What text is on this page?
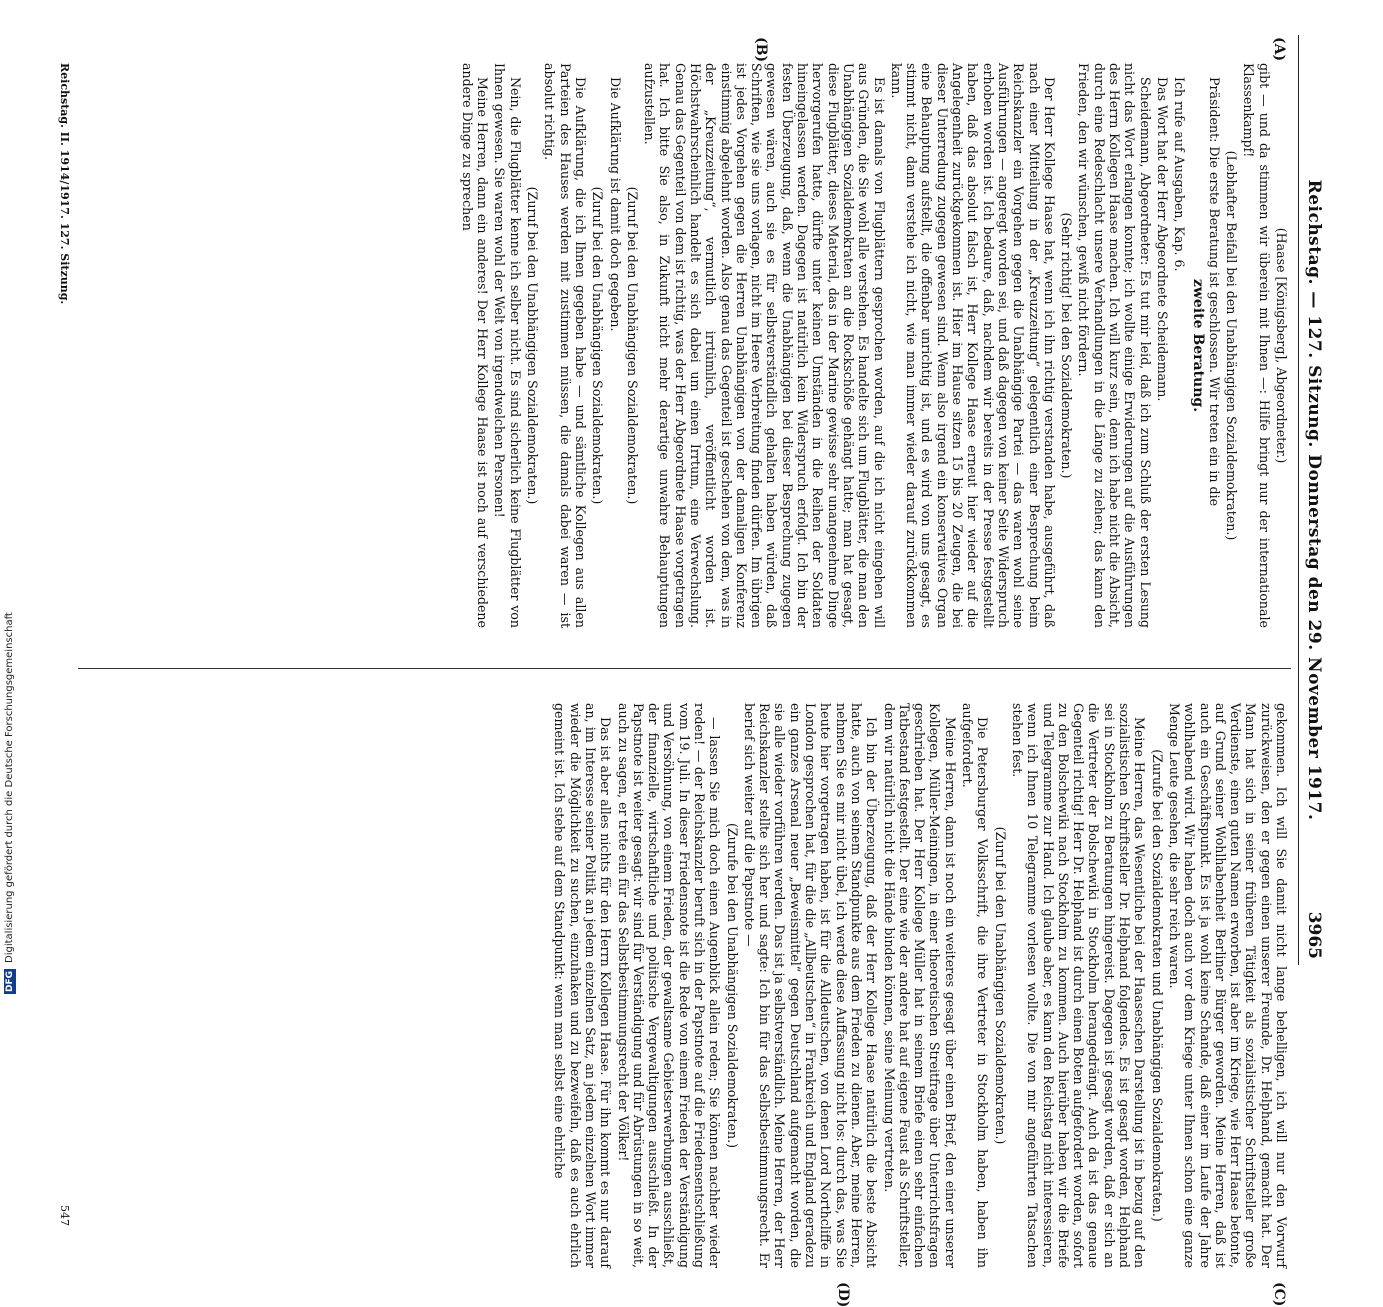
DFGDigitalisierung gefördert durch die Deutsche Forschungsgemeinschaft	Reichstag. — 127. Sitzung. Donnerstag den 29. November 1917.
3965
(A)
(B)
(C)
(D)

(Haase [Königsberg], Abgeordneter.)

gibt — und da stimmen wir überein mit Ihnen —: Hilfe bringt nur der internationale Klassenkampf!

(Lebhafter Beifall bei den Unabhängigen Sozialdemokraten.)

Präsident: Die erste Beratung ist geschlossen. Wir treten ein in die

zweite Beratung.

Ich rufe auf Ausgaben, Kap. 6.

Das Wort hat der Herr Abgeordnete Scheidemann.

Scheidemann, Abgeordneter: Es tut mir leid, daß ich zum Schluß der ersten Lesung nicht das Wort erlangen konnte; ich wollte einige Erwiderungen auf die Ausführungen des Herrn Kollegen Haase machen. Ich will kurz sein, denn ich habe nicht die Absicht, durch eine Redeschlacht unsere Verhandlungen in die Länge zu ziehen; das kann den Frieden, den wir wünschen, gewiß nicht fördern.

(Sehr richtig! bei den Sozialdemokraten.)

Der Herr Kollege Haase hat, wenn ich ihn richtig verstanden habe, ausgeführt, daß nach einer Mitteilung in der „Kreuzzeitung“ gelegentlich einer Besprechung beim Reichskanzler ein Vorgehen gegen die Unabhängige Partei — das waren wohl seine Ausführungen — angeregt worden sei, und daß dagegen von keiner Seite Widerspruch erhoben worden ist. Ich bedaure, daß, nachdem wir bereits in der Presse festgestellt haben, daß das absolut falsch ist, Herr Kollege Haase erneut hier wieder auf die Angelegenheit zurückgekommen ist. Hier im Hause sitzen 15 bis 20 Zeugen, die bei dieser Unterredung zugegen gewesen sind. Wenn also irgend ein konservatives Organ eine Behauptung aufstellt, die offenbar unrichtig ist, und es wird von uns gesagt, es stimmt nicht, dann verstehe ich nicht, wie man immer wieder darauf zurückkommen kann.

Es ist damals von Flugblättern gesprochen worden, auf die ich nicht eingehen will aus Gründen, die Sie wohl alle verstehen. Es handelte sich um Flugblätter, die man den Unabhängigen Sozialdemokraten an die Rockschöße gehängt hatte; man hat gesagt, diese Flugblätter, dieses Material, das in der Marine gewisse sehr unangenehme Dinge hervorgerufen hatte, dürfte unter keinen Umständen in die Reihen der Soldaten hineingelassen werden. Dagegen ist natürlich kein Widerspruch erfolgt. Ich bin der festen Überzeugung, daß, wenn die Unabhängigen bei dieser Besprechung zugegen gewesen wären, auch sie es für selbstverständlich gehalten haben würden, daß Schriften, wie sie uns vorlagen, nicht im Heere Verbreitung finden dürfen. Im übrigen ist jedes Vorgehen gegen die Herren Unabhängigen von der damaligen Konferenz einstimmig abgelehnt worden. Also genau das Gegenteil ist geschehen von dem, was in der „Kreuzzeitung“, vermutlich irrtümlich, veröffentlicht worden ist. Höchstwahrscheinlich handelt es sich dabei um einen Irrtum, eine Verwechslung. Genau das Gegenteil von dem ist richtig, was der Herr Abgeordnete Haase vorgetragen hat. Ich bitte Sie also, in Zukunft nicht mehr derartige unwahre Behauptungen aufzustellen.

(Zuruf bei den Unabhängigen Sozialdemokraten.)

Die Aufklärung ist damit doch gegeben.

(Zuruf bei den Unabhängigen Sozialdemokraten.)

Die Aufklärung, die ich Ihnen gegeben habe — und sämtliche Kollegen aus allen Parteien des Hauses werden mit zustimmen müssen, die damals dabei waren — ist absolut richtig.

(Zuruf bei den Unabhängigen Sozialdemokraten.)

Nein, die Flugblätter kenne ich selber nicht. Es sind sicherlich keine Flugblätter von Ihnen gewesen. Sie waren wohl der Welt von irgendwelchen Personen!

Meine Herren, dann ein anderes! Der Herr Kollege Haase ist noch auf verschiedene andere Dinge zu sprechen

gekommen. Ich will Sie damit nicht lange behelligen, ich will nur den Vorwurf zurückweisen, den er gegen einen unserer Freunde, Dr. Helphand, gemacht hat. Der Mann hat sich in seiner früheren Tätigkeit als sozialistischer Schriftsteller große Verdienste, einen guten Namen erworben, ist aber im Kriege, wie Herr Haase betonte, auf Grund seiner Wohlhabenheit Berliner Bürger geworden. Meine Herren, daß ist auch ein Geschäftspunkt. Es ist ja wohl keine Schande, daß einer im Laufe der Jahre wohlhabend wird. Wir haben doch auch vor dem Kriege unter Ihnen schon eine ganze Menge Leute gesehen, die sehr reich waren.

(Zurufe bei den Sozialdemokraten und Unabhängigen Sozialdemokraten.)

Meine Herren, das Wesentliche bei der Haaseschen Darstellung ist in bezug auf den sozialistischen Schriftsteller Dr. Helphand folgendes. Es ist gesagt worden, Helphand sei in Stockholm zu Beratungen hingereist. Dagegen ist gesagt worden, daß er sich an die Vertreter der Bolschewiki in Stockholm herangedrängt. Auch da ist das genaue Gegenteil richtig! Herr Dr. Helphand ist durch einen Boten aufgefordert worden, sofort zu den Bolschewiki nach Stockholm zu kommen. Auch hierüber haben wir die Briefe und Telegramme zur Hand. Ich glaube aber, es kann den Reichstag nicht interessieren, wenn ich Ihnen 10 Telegramme vorlesen wollte. Die von mir angeführten Tatsachen stehen fest.

(Zuruf bei den Unabhängigen Sozialdemokraten.)

Die Petersburger Volksschrift, die ihre Vertreter in Stockholm haben, haben ihn aufgefordert.

Meine Herren, dann ist noch ein weiteres gesagt über einen Brief, den einer unserer Kollegen, Müller-Meiningen, in einer theoretischen Streitfrage über Unterrichtsfragen geschrieben hat. Der Herr Kollege Müller hat in seinem Briefe einen sehr einfachen Tatbestand festgestellt. Der eine wie der andere hat auf eigene Faust als Schriftsteller, dem wir natürlich nicht die Hände binden können, seine Meinung vertreten.

Ich bin der Überzeugung, daß der Herr Kollege Haase natürlich die beste Absicht hatte, auch von seinem Standpunkte aus dem Frieden zu dienen. Aber, meine Herren, nehmen Sie es mir nicht übel, ich werde diese Auffassung nicht los: durch das, was Sie heute hier vorgetragen haben, ist für die Alldeutschen, von denen Lord Northcliffe in London gesprochen hat, für die die „Allbeutschen“ in Frankreich und England geradezu ein ganzes Arsenal neuer „Beweismittel“ gegen Deutschland aufgemacht worden, die sie alle wieder vorführen werden. Das ist ja selbstverständlich. Meine Herren, der Herr Reichskanzler stellte sich her und sagte: Ich bin für das Selbstbestimmungsrecht. Er berief sich weiter auf die Papstnote —

(Zurufe bei den Unabhängigen Sozialdemokraten.)

— lassen Sie mich doch einen Augenblick allein reden; Sie können nachher wieder reden! — der Reichskanzler beruft sich in der Papstnote auf die Friedensentschließung vom 19. Juli. In dieser Friedensnote ist die Rede von einem Frieden der Verständigung und Versöhnung, von einem Frieden, der gewaltsame Gebietserwerbungen ausschließt, der finanzielle, wirtschaftliche und politische Vergewaltigungen ausschließt. In der Papstnote ist weiter gesagt: wir sind für Verständigung und für Abrüstungen in so weit, auch zu sagen, er trete ein für das Selbstbestimmungsrecht der Völker!

Das ist aber alles nichts für den Herrn Kollegen Haase. Für ihn kommt es nur darauf an, im Interesse seiner Politik an jedem einzelnen Satz, an jedem einzelnen Wort immer wieder die Möglichkeit zu suchen, einzuhaken und zu bezweifeln, daß es auch ehrlich gemeint ist. Ich stehe auf dem Standpunkt: wenn man selbst eine ehrliche

Reichstag. II. 1914/1917. 127. Sitzung.
547
